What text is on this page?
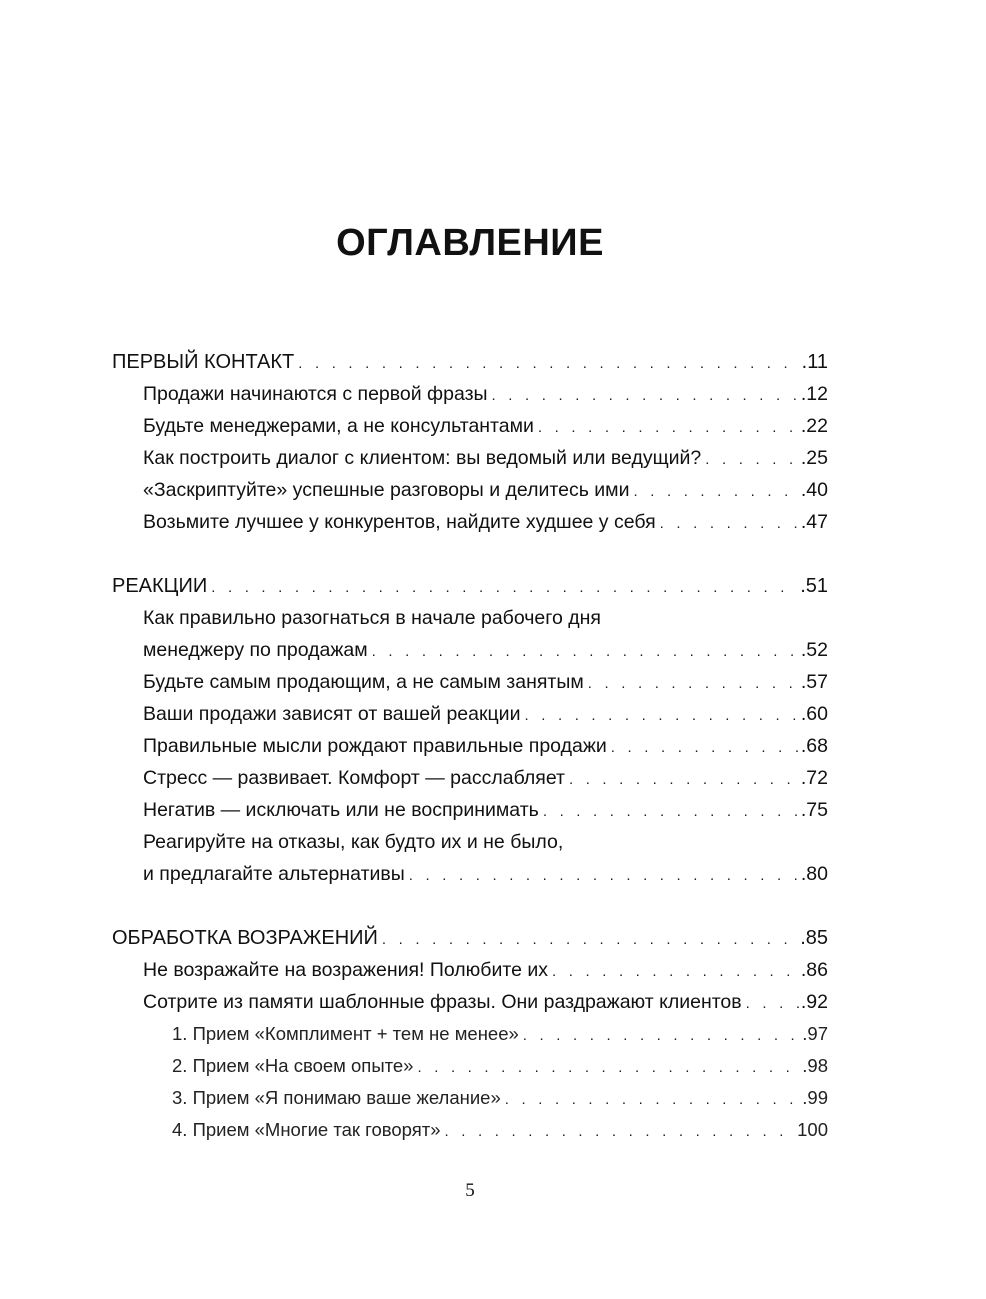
ОГЛАВЛЕНИЕ
ПЕРВЫЙ КОНТАКТ . . .	.11
Продажи начинаются с первой фразы . . .	.12
Будьте менеджерами, а не консультантами . . .	.22
Как построить диалог с клиентом: вы ведомый или ведущий? . . .	.25
«Заскриптуйте» успешные разговоры и делитесь ими . . .	.40
Возьмите лучшее у конкурентов, найдите худшее у себя . . .	.47
РЕАКЦИИ . . .	.51
Как правильно разогнаться в начале рабочего дня
менеджеру по продажам . . .	.52
Будьте самым продающим, а не самым занятым . . .	.57
Ваши продажи зависят от вашей реакции . . .	.60
Правильные мысли рождают правильные продажи . . .	.68
Стресс — развивает. Комфорт — расслабляет . . .	.72
Негатив — исключать или не воспринимать . . .	.75
Реагируйте на отказы, как будто их и не было,
и предлагайте альтернативы . . .	.80
ОБРАБОТКА ВОЗРАЖЕНИЙ . . .	.85
Не возражайте на возражения! Полюбите их . . .	.86
Сотрите из памяти шаблонные фразы. Они раздражают клиентов . . .	.92
1. Прием «Комплимент + тем не менее» . . .	.97
2. Прием «На своем опыте» . . .	.98
3. Прием «Я понимаю ваше желание» . . .	.99
4. Прием «Многие так говорят» . . .	100
5
